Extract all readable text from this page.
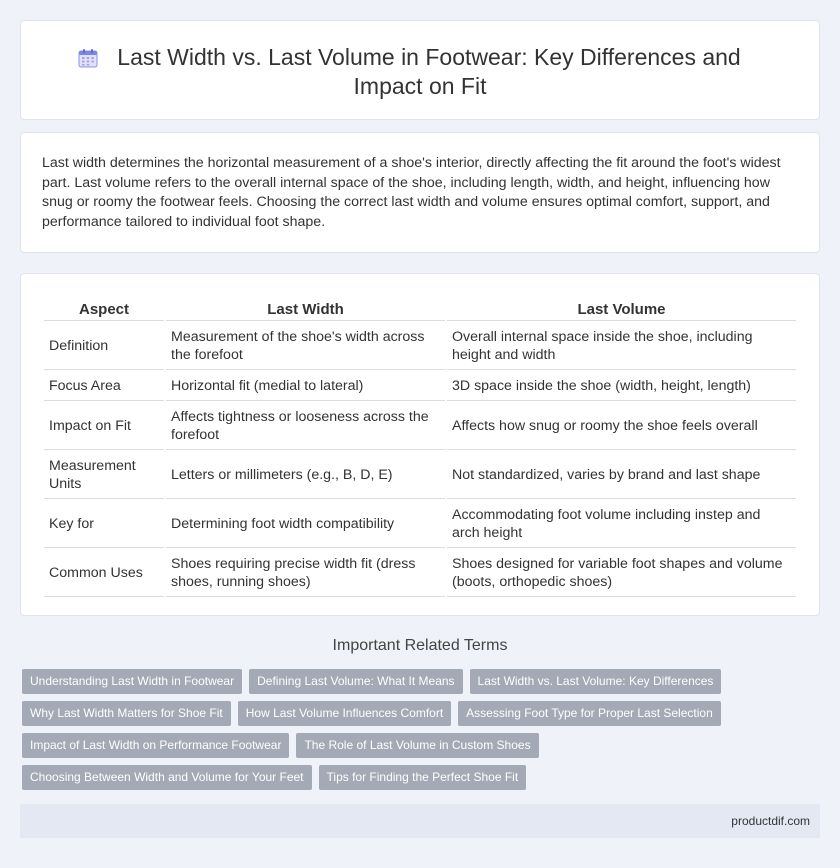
Last Width vs. Last Volume in Footwear: Key Differences and
Impact on Fit

Last width determines the horizontal measurement of a shoe's interior, directly affecting the fit around the foot's widest part. Last volume refers to the overall internal space of the shoe, including length, width, and height, influencing how snug or roomy the footwear feels. Choosing the correct last width and volume ensures optimal comfort, support, and performance tailored to individual foot shape.

Aspect	Last Width	Last Volume
Definition	Measurement of the shoe's width across the forefoot	Overall internal space inside the shoe, including height and width
Focus Area	Horizontal fit (medial to lateral)	3D space inside the shoe (width, height, length)
Impact on Fit	Affects tightness or looseness across the forefoot	Affects how snug or roomy the shoe feels overall
Measurement Units	Letters or millimeters (e.g., B, D, E)	Not standardized, varies by brand and last shape
Key for	Determining foot width compatibility	Accommodating foot volume including instep and arch height
Common Uses	Shoes requiring precise width fit (dress shoes, running shoes)	Shoes designed for variable foot shapes and volume (boots, orthopedic shoes)
Important Related Terms
Understanding Last Width in Footwear	Defining Last Volume: What It Means	Last Width vs. Last Volume: Key Differences
Why Last Width Matters for Shoe Fit	How Last Volume Influences Comfort	Assessing Foot Type for Proper Last Selection
Impact of Last Width on Performance Footwear	The Role of Last Volume in Custom Shoes
Choosing Between Width and Volume for Your Feet	Tips for Finding the Perfect Shoe Fit
productdif.com
